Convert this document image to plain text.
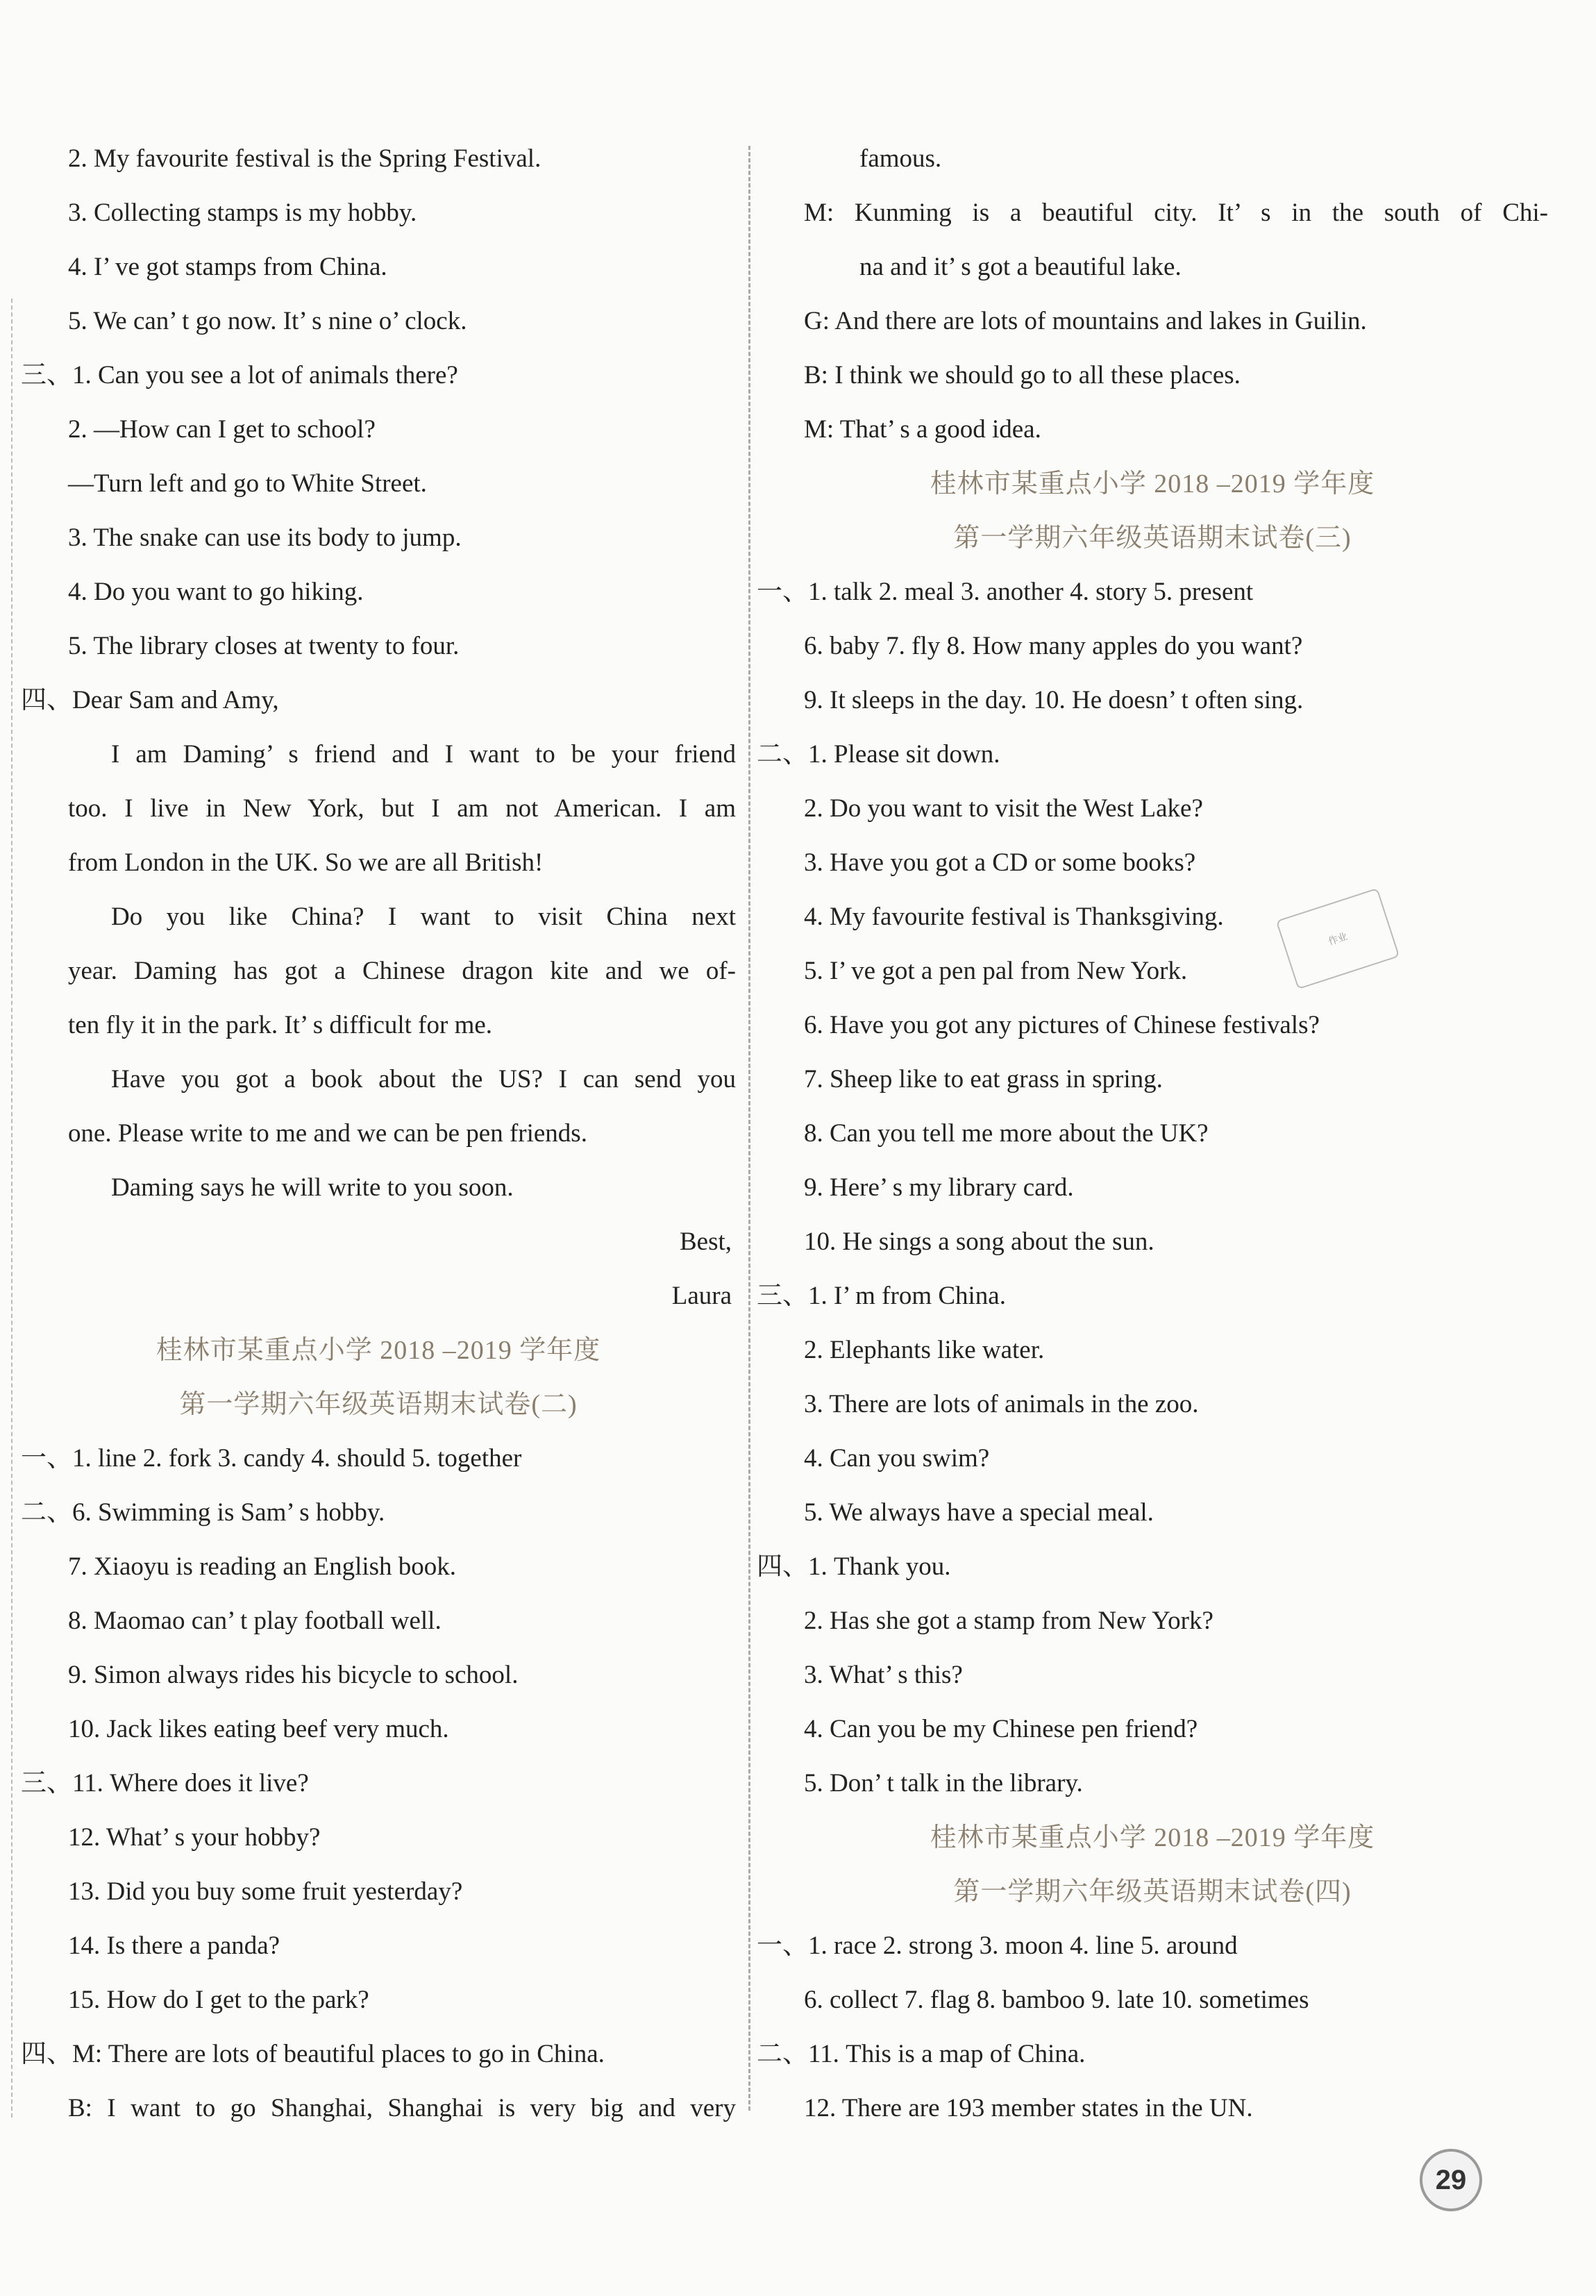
2. My favourite festival is the Spring Festival.
3. Collecting stamps is my hobby.
4. I’ ve got stamps from China.
5. We can’ t go now. It’ s nine o’ clock.
三、1. Can you see a lot of animals there?
2. —How can I get to school?
—Turn left and go to White Street.
3. The snake can use its body to jump.
4. Do you want to go hiking.
5. The library closes at twenty to four.
四、Dear Sam and Amy,
I am Daming’ s friend and I want to be your friend
too. I live in New York, but I am not American. I am
from London in the UK. So we are all British!
Do you like China? I want to visit China next
year. Daming has got a Chinese dragon kite and we of-
ten fly it in the park. It’ s difficult for me.
Have you got a book about the US? I can send you
one. Please write to me and we can be pen friends.
Daming says he will write to you soon.
Best,
Laura
桂林市某重点小学 2018 –2019 学年度
第一学期六年级英语期末试卷(二)
一、1. line 2. fork 3. candy 4. should 5. together
二、6. Swimming is Sam’ s hobby.
7. Xiaoyu is reading an English book.
8. Maomao can’ t play football well.
9. Simon always rides his bicycle to school.
10. Jack likes eating beef very much.
三、11. Where does it live?
12. What’ s your hobby?
13. Did you buy some fruit yesterday?
14. Is there a panda?
15. How do I get to the park?
四、M: There are lots of beautiful places to go in China.
B: I want to go Shanghai, Shanghai is very big and very
famous.
M: Kunming is a beautiful city. It’ s in the south of Chi-
na and it’ s got a beautiful lake.
G: And there are lots of mountains and lakes in Guilin.
B: I think we should go to all these places.
M: That’ s a good idea.
桂林市某重点小学 2018 –2019 学年度
第一学期六年级英语期末试卷(三)
一、1. talk 2. meal 3. another 4. story 5. present
6. baby 7. fly 8. How many apples do you want?
9. It sleeps in the day. 10. He doesn’ t often sing.
二、1. Please sit down.
2. Do you want to visit the West Lake?
3. Have you got a CD or some books?
4. My favourite festival is Thanksgiving.
5. I’ ve got a pen pal from New York.
6. Have you got any pictures of Chinese festivals?
7. Sheep like to eat grass in spring.
8. Can you tell me more about the UK?
9. Here’ s my library card.
10. He sings a song about the sun.
三、1. I’ m from China.
2. Elephants like water.
3. There are lots of animals in the zoo.
4. Can you swim?
5. We always have a special meal.
四、1. Thank you.
2. Has she got a stamp from New York?
3. What’ s this?
4. Can you be my Chinese pen friend?
5. Don’ t talk in the library.
桂林市某重点小学 2018 –2019 学年度
第一学期六年级英语期末试卷(四)
一、1. race 2. strong 3. moon 4. line 5. around
6. collect 7. flag 8. bamboo 9. late 10. sometimes
二、11. This is a map of China.
12. There are 193 member states in the UN.
作业
29
